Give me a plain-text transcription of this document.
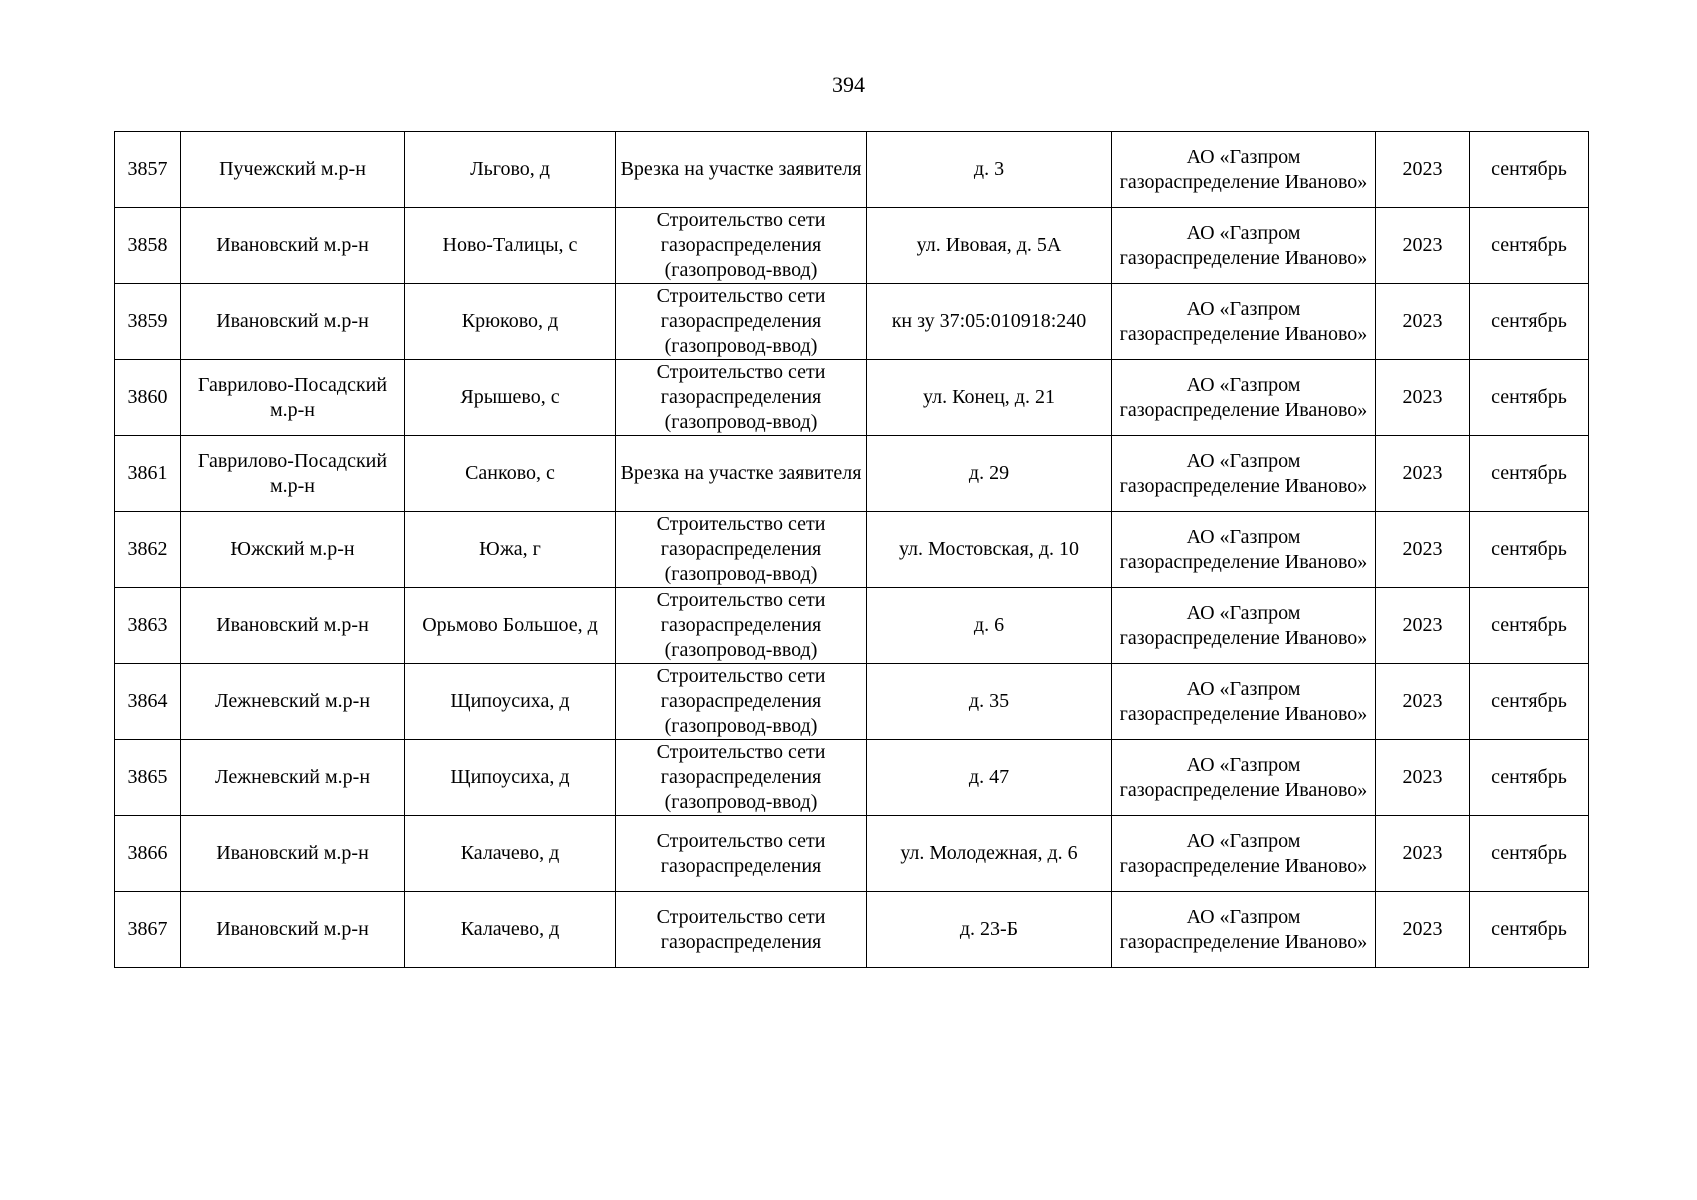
394
3857	Пучежский м.р-н	Льгово, д	Врезка на участке заявителя	д. 3	АО «Газпром газораспределение Иваново»	2023	сентябрь
3858	Ивановский м.р-н	Ново-Талицы, с	Строительство сети газораспределения (газопровод-ввод)	ул. Ивовая, д. 5А	АО «Газпром газораспределение Иваново»	2023	сентябрь
3859	Ивановский м.р-н	Крюково, д	Строительство сети газораспределения (газопровод-ввод)	кн зу 37:05:010918:240	АО «Газпром газораспределение Иваново»	2023	сентябрь
3860	Гаврилово-Посадский м.р-н	Ярышево, с	Строительство сети газораспределения (газопровод-ввод)	ул. Конец, д. 21	АО «Газпром газораспределение Иваново»	2023	сентябрь
3861	Гаврилово-Посадский м.р-н	Санково, с	Врезка на участке заявителя	д. 29	АО «Газпром газораспределение Иваново»	2023	сентябрь
3862	Южский м.р-н	Южа, г	Строительство сети газораспределения (газопровод-ввод)	ул. Мостовская, д. 10	АО «Газпром газораспределение Иваново»	2023	сентябрь
3863	Ивановский м.р-н	Орьмово Большое, д	Строительство сети газораспределения (газопровод-ввод)	д. 6	АО «Газпром газораспределение Иваново»	2023	сентябрь
3864	Лежневский м.р-н	Щипоусиха, д	Строительство сети газораспределения (газопровод-ввод)	д. 35	АО «Газпром газораспределение Иваново»	2023	сентябрь
3865	Лежневский м.р-н	Щипоусиха, д	Строительство сети газораспределения (газопровод-ввод)	д. 47	АО «Газпром газораспределение Иваново»	2023	сентябрь
3866	Ивановский м.р-н	Калачево, д	Строительство сети газораспределения	ул. Молодежная, д. 6	АО «Газпром газораспределение Иваново»	2023	сентябрь
3867	Ивановский м.р-н	Калачево, д	Строительство сети газораспределения	д. 23-Б	АО «Газпром газораспределение Иваново»	2023	сентябрь
